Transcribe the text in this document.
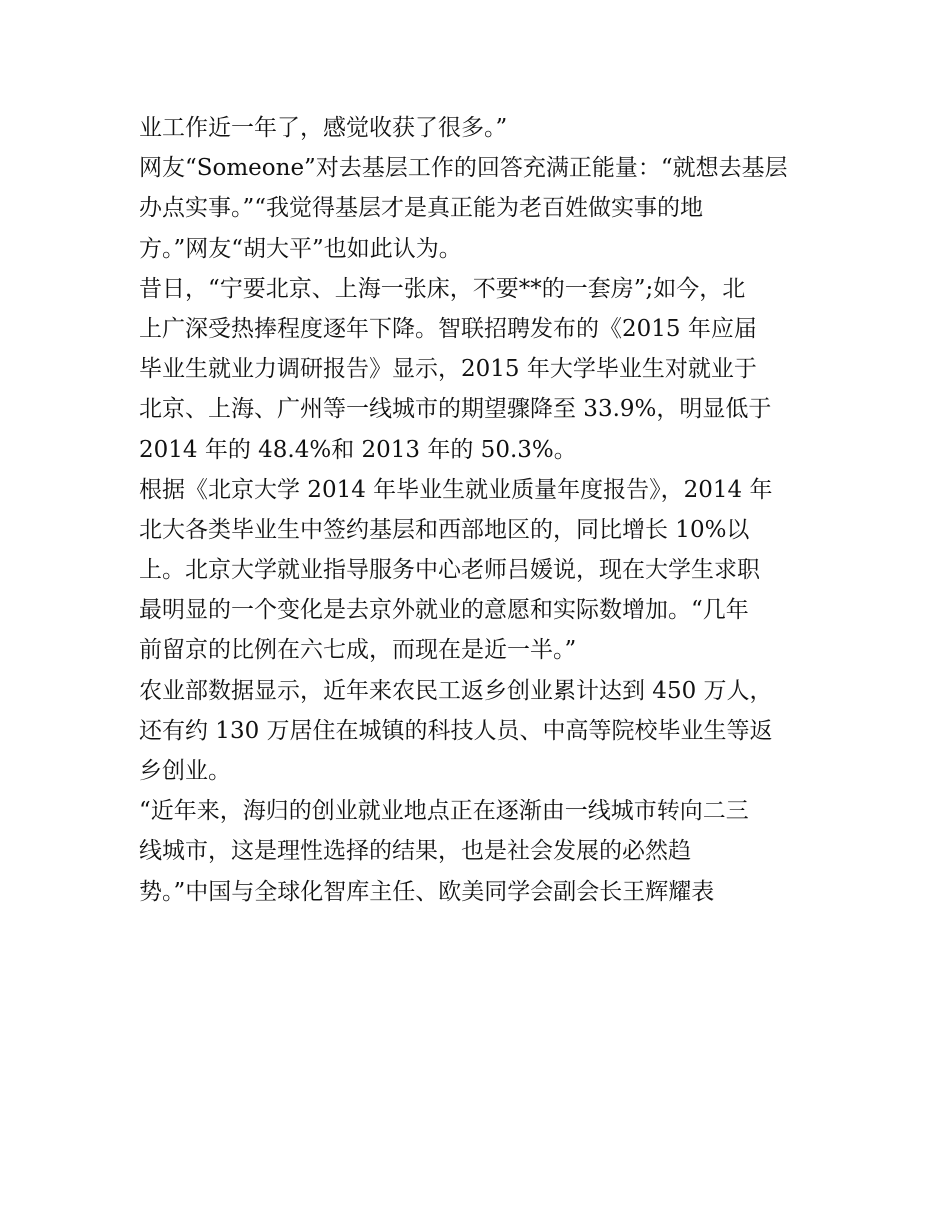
业工作近一年了，感觉收获了很多。”
网友“Someone”对去基层工作的回答充满正能量：“就想去基层
办点实事。”“我觉得基层才是真正能为老百姓做实事的地
方。”网友“胡大平”也如此认为。
昔日，“宁要北京、上海一张床，不要**的一套房”;如今，北
上广深受热捧程度逐年下降。智联招聘发布的《2015 年应届
毕业生就业力调研报告》显示，2015 年大学毕业生对就业于
北京、上海、广州等一线城市的期望骤降至 33.9%，明显低于
2014 年的 48.4%和 2013 年的 50.3%。
根据《北京大学 2014 年毕业生就业质量年度报告》，2014 年
北大各类毕业生中签约基层和西部地区的，同比增长 10%以
上。北京大学就业指导服务中心老师吕媛说，现在大学生求职
最明显的一个变化是去京外就业的意愿和实际数增加。“几年
前留京的比例在六七成，而现在是近一半。”
农业部数据显示，近年来农民工返乡创业累计达到 450 万人，
还有约 130 万居住在城镇的科技人员、中高等院校毕业生等返
乡创业。
“近年来，海归的创业就业地点正在逐渐由一线城市转向二三
线城市，这是理性选择的结果，也是社会发展的必然趋
势。”中国与全球化智库主任、欧美同学会副会长王辉耀表
